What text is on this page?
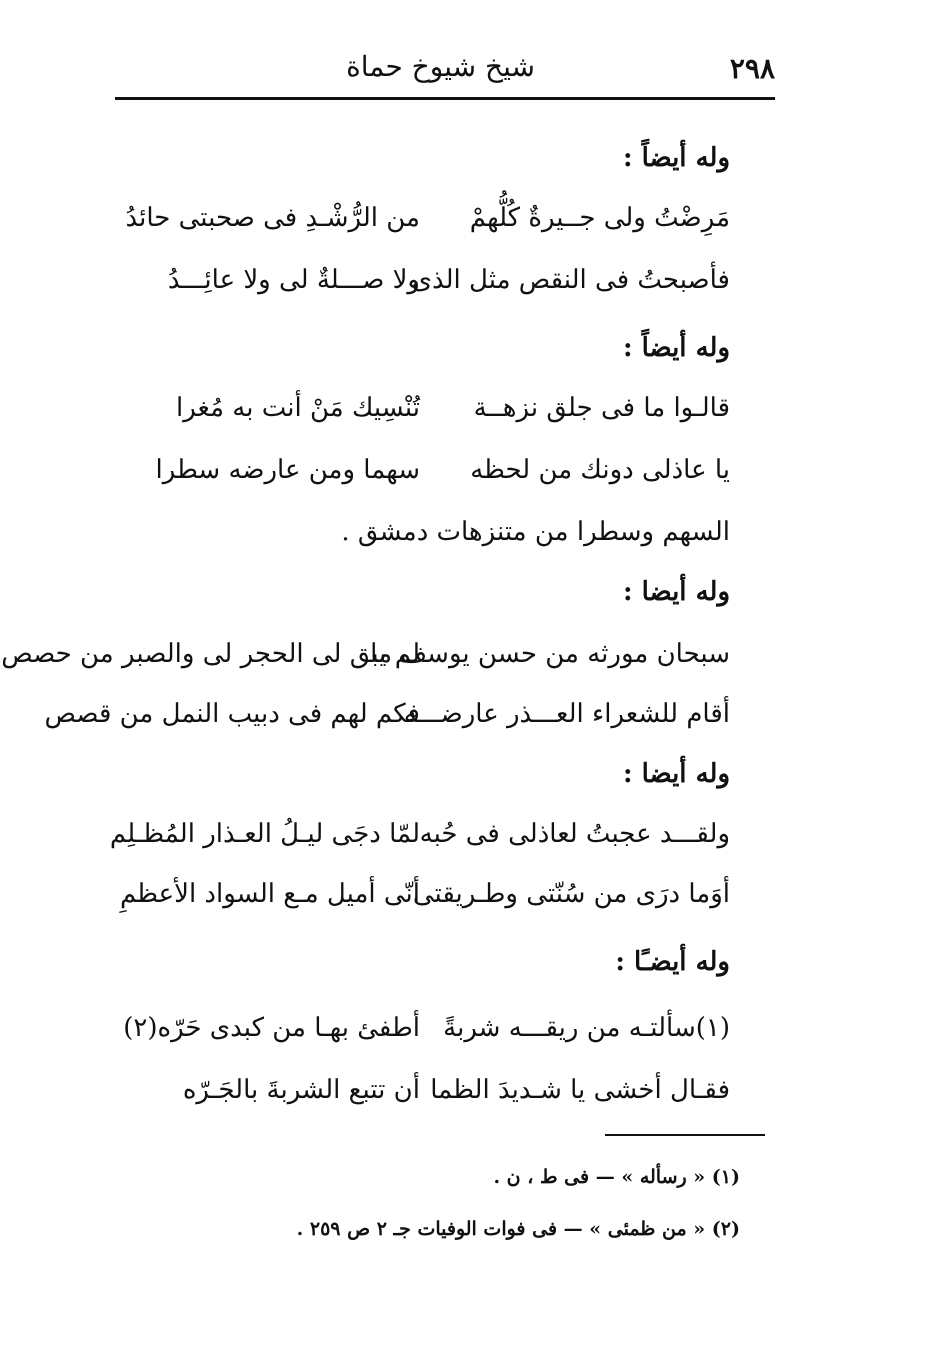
٢٩٨
شيخ شيوخ حماة
وله أيضاً :
مَرِضْتُ ولى جــيرةٌ كُلُّهمْ
من الرُّشْـدِ فى صحبتى حائدُ
فأصبحتُ فى النقص مثل الذى
ولا صـــلةٌ لى ولا عائِـــدُ
وله أيضاً :
قالـوا ما فى جلق نزهــة
تُنْسِيك مَنْ أنت به مُغرا
يا عاذلى دونك من لحظه
سهما ومن عارضه سطرا
السهم وسطرا من متنزهات دمشق .
وله أيضا :
سبحان مورثه من حسن يوسف ما
لم يبق لى الحجر لى والصبر من حصص
أقام للشعراء العـــذر عارضـــه
فكم لهم فى دبيب النمل من قصص
وله أيضا :
ولقـــد عجبتُ لعاذلى فى حُبه
لمّا دجَى ليـلُ العـذار المُظـلِم
أوَما درَى من سُنّتى وطـريقتى
أنّى أميل مـع السواد الأعظمِ
وله أيضـًا :
(١)سألتـه من ريقـــه شربةً
أطفئ بهـا من كبدى حَرّه(٢)
فقـال أخشى يا شـديدَ الظما
أن تتبع الشربةَ بالجَـرّه
(١) « رسأله » — فى ط ، ن .
(٢) « من ظمئى » — فى فوات الوفيات جـ ٢ ص ٢٥٩ .
